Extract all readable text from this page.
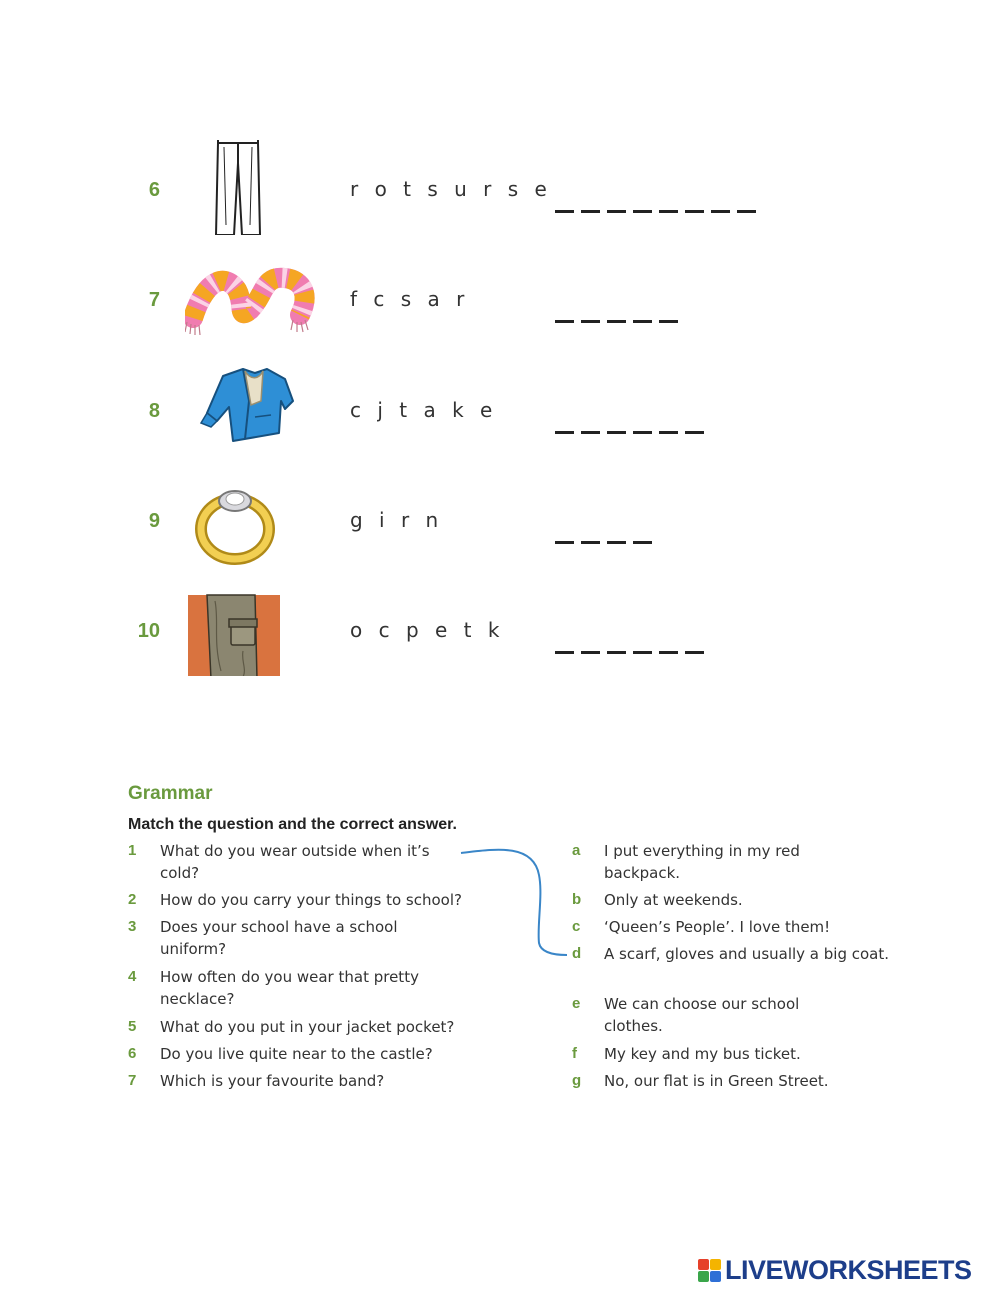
6	r o t s u r s e
7	f c s a r
8	c j t a k e
9	g i r n
10	o c p e t k
Grammar
Match the question and the correct answer.
1 What do you wear outside when it’s cold?
2 How do you carry your things to school?
3 Does your school have a school uniform?
4 How often do you wear that pretty necklace?
5 What do you put in your jacket pocket?
6 Do you live quite near to the castle?
7 Which is your favourite band?
a I put everything in my red backpack.
b Only at weekends.
c ‘Queen’s People’. I love them!
d A scarf, gloves and usually a big coat.
e We can choose our school clothes.
f My key and my bus ticket.
g No, our flat is in Green Street.
LIVEWORKSHEETS
